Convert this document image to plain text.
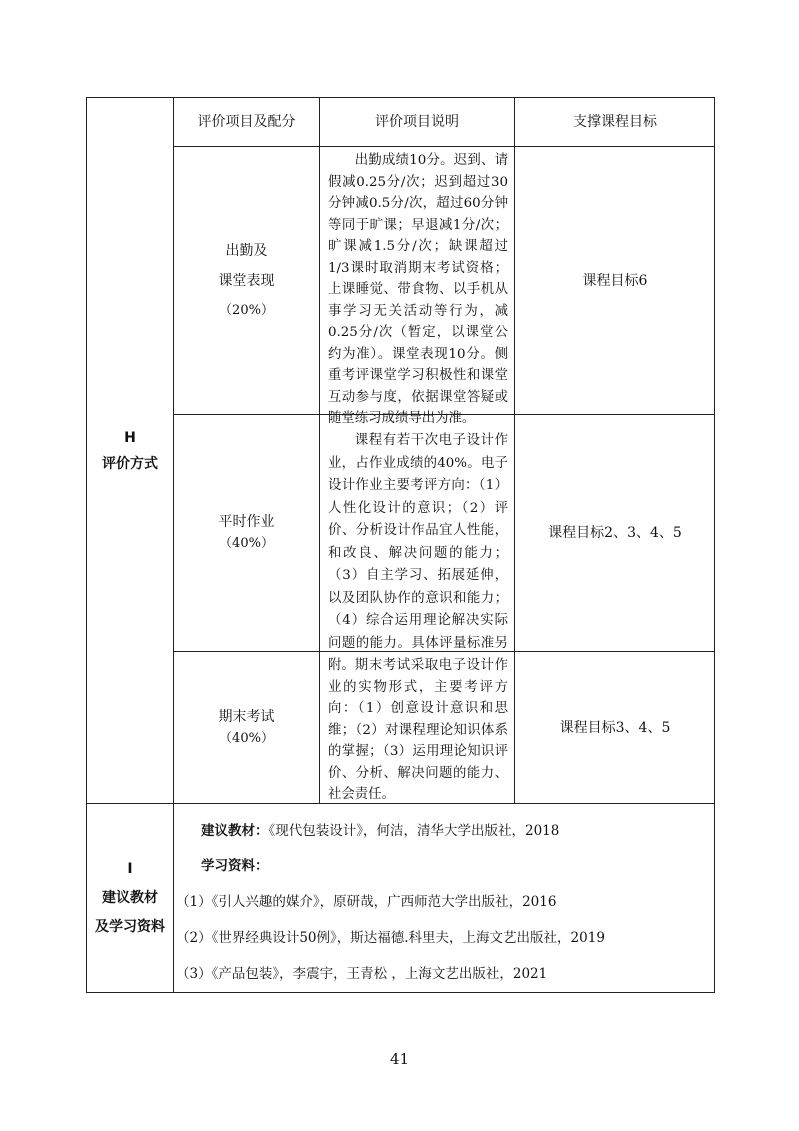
H
评价方式
评价项目及配分	评价项目说明	支撑课程目标
出勤及
课堂表现
（20%）

出勤成绩10分。迟到、请假减0.25分/次；迟到超过30分钟减0.5分/次，超过60分钟等同于旷课；早退减1分/次；旷课减1.5分/次；缺课超过1/3课时取消期末考试资格；上课睡觉、带食物、以手机从事学习无关活动等行为，减0.25分/次（暂定，以课堂公约为准）。课堂表现10分。侧重考评课堂学习积极性和课堂互动参与度，依据课堂答疑或随堂练习成绩导出为准。

课程目标6
平时作业
（40%）

课程有若干次电子设计作业，占作业成绩的40%。电子设计作业主要考评方向：（1）人性化设计的意识；（2）评价、分析设计作品宜人性能，和改良、解决问题的能力；（3）自主学习、拓展延伸，以及团队协作的意识和能力；（4）综合运用理论解决实际问题的能力。具体评量标准另附。

课程目标2、3、4、5
期末考试
（40%）

期末考试采取电子设计作业的实物形式，主要考评方向：（1）创意设计意识和思维；（2）对课程理论知识体系的掌握；（3）运用理论知识评价、分析、解决问题的能力、社会责任。

课程目标3、4、5
I
建议教材
及学习资料
建议教材：《现代包装设计》，何洁，清华大学出版社，2018
学习资料：
（1）《引人兴趣的媒介》，原研哉，广西师范大学出版社，2016
（2）《世界经典设计50例》，斯达福德.科里夫，上海文艺出版社，2019
（3）《产品包装》，李震宇，王青松 ，上海文艺出版社，2021
41
